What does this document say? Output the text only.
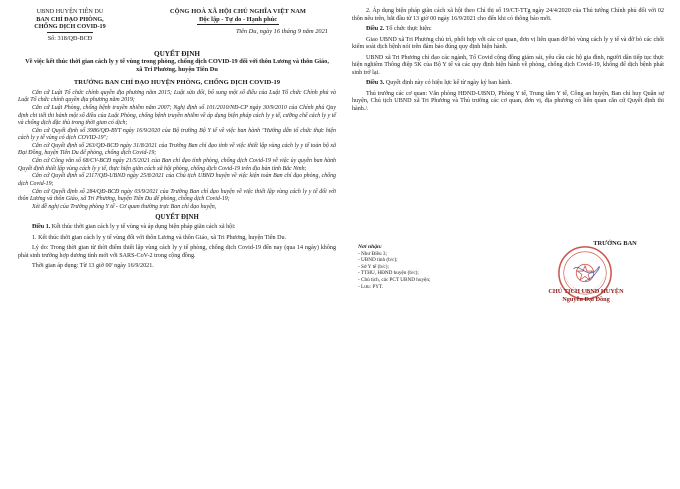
UBND HUYỆN TIÊN DU
BAN CHỈ ĐẠO PHÒNG,
CHỐNG DỊCH COVID-19
Số: 318/QĐ-BCĐ
CỘNG HOÀ XÃ HỘI CHỦ NGHĨA VIỆT NAM
Độc lập - Tự do - Hạnh phúc
Tiên Du, ngày 16 tháng 9 năm 2021
QUYẾT ĐỊNH
Về việc kết thúc thời gian cách ly y tế vùng trong phòng, chống dịch COVID-19 đối với thôn Lương và thôn Giáo, xã Tri Phương, huyện Tiên Du
TRƯỞNG BAN CHỈ ĐẠO HUYỆN PHÒNG, CHỐNG DỊCH COVID-19

Căn cứ Luật Tổ chức chính quyền địa phương năm 2015; Luật sửa đổi, bổ sung một số điều của Luật Tổ chức Chính phủ và Luật Tổ chức chính quyền địa phương năm 2019;

Căn cứ Luật Phòng, chống bệnh truyền nhiễm năm 2007; Nghị định số 101/2010/NĐ-CP ngày 30/9/2010 của Chính phủ Quy định chi tiết thi hành một số điều của Luật Phòng, chống bệnh truyền nhiễm về áp dụng biện pháp cách ly y tế, cưỡng chế cách ly y tế và chống dịch đặc thù trong thời gian có dịch;

Căn cứ Quyết định số 3986/QĐ-BYT ngày 16/9/2020 của Bộ trưởng Bộ Y tế về việc ban hành "Hướng dẫn tổ chức thực hiện cách ly y tế vùng có dịch COVID-19";

Căn cứ Quyết định số 263/QĐ-BCĐ ngày 31/8/2021 của Trưởng Ban chỉ đạo tỉnh về việc thiết lập vùng cách ly y tế toàn bộ xã Đại Đồng, huyện Tiên Du để phòng, chống dịch Covid-19;

Căn cứ Công văn số 68/CV-BCĐ ngày 21/5/2021 của Ban chỉ đạo tỉnh phòng, chống dịch Covid-19 về việc ủy quyền ban hành Quyết định thiết lập vùng cách ly y tế, thực hiện giãn cách xã hội phòng, chống dịch Covid-19 trên địa bàn tỉnh Bắc Ninh;

Căn cứ Quyết định số 2117/QĐ-UBND ngày 25/8/2021 của Chủ tịch UBND huyện về việc kiện toàn Ban chỉ đạo phòng, chống dịch Covid-19;

Căn cứ Quyết định số 284/QĐ-BCĐ ngày 03/9/2021 của Trưởng Ban chỉ đạo huyện về việc thiết lập vùng cách ly y tế đối với thôn Lương và thôn Giáo, xã Tri Phương, huyện Tiên Du để phòng, chống dịch Covid-19;

Xét đề nghị của Trưởng phòng Y tế - Cơ quan thường trực Ban chỉ đạo huyện,

QUYẾT ĐỊNH

Điều 1. Kết thúc thời gian cách ly y tế vùng và áp dụng biện pháp giãn cách xã hội:

1. Kết thúc thời gian cách ly y tế vùng đối với thôn Lương và thôn Giáo, xã Tri Phương, huyện Tiên Du.

Lý do: Trong thời gian từ thời điểm thiết lập vùng cách ly y tế phòng, chống dịch Covid-19 đến nay (qua 14 ngày) không phát sinh trường hợp dương tính mới với SARS-CoV-2 trong cộng đồng.

Thời gian áp dụng: Từ 13 giờ 00' ngày 16/9/2021.

2. Áp dụng biện pháp giãn cách xã hội theo Chỉ thị số 19/CT-TTg ngày 24/4/2020 của Thủ tướng Chính phủ đối với 02 thôn nêu trên, bắt đầu từ 13 giờ 00 ngày 16/9/2021 cho đến khi có thông báo mới.

Điều 2. Tổ chức thực hiện:

Giao UBND xã Tri Phương chủ trì, phối hợp với các cơ quan, đơn vị liên quan đỡ bỏ vùng cách ly y tế và đỡ bỏ các chốt kiểm soát dịch bệnh nói trên đảm bảo đúng quy định hiện hành.

UBND xã Tri Phương chỉ đạo các ngành, Tổ Covid cộng đồng giám sát, yêu cầu các hộ gia đình, người dân tiếp tục thực hiện nghiêm Thông điệp 5K của Bộ Y tế và các quy định hiện hành về phòng, chống dịch Covid-19, không để dịch bệnh phát sinh trở lại.

Điều 3. Quyết định này có hiệu lực kể từ ngày ký ban hành.

Thủ trưởng các cơ quan: Văn phòng HĐND-UBND, Phòng Y tế, Trung tâm Y tế, Công an huyện, Ban chỉ huy Quân sự huyện, Chủ tịch UBND xã Tri Phương và Thủ trưởng các cơ quan, đơn vị, địa phương có liên quan căn cứ Quyết định thi hành./.

Nơi nhận:
- Như Điều 3;
- UBND tỉnh (b/c);
- Sở Y tế (b/c);
- TTHU, HĐND huyện (b/c);
- Chủ tịch, các PCT UBND huyện;
- Lưu: PYT.
TRƯỞNG BAN
CHỦ TỊCH UBND HUYỆN
Nguyễn Đại Đồng
